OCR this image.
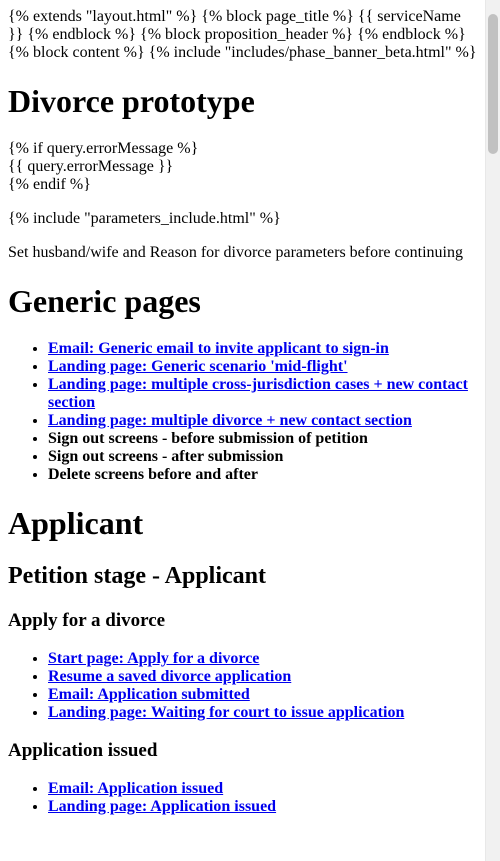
{% extends "layout.html" %} {% block page_title %} {{ serviceName }} {% endblock %} {% block proposition_header %} {% endblock %} {% block content %} {% include "includes/phase_banner_beta.html" %}

Divorce prototype
{% if query.errorMessage %}
{{ query.errorMessage }}
{% endif %}

{% include "parameters_include.html" %}

Set husband/wife and Reason for divorce parameters before continuing

Generic pages
• Email: Generic email to invite applicant to sign-in
• Landing page: Generic scenario 'mid-flight'
• Landing page: multiple cross-jurisdiction cases + new contact section
• Landing page: multiple divorce + new contact section
• Sign out screens - before submission of petition
• Sign out screens - after submission
• Delete screens before and after
Applicant
Petition stage - Applicant
Apply for a divorce
• Start page: Apply for a divorce
• Resume a saved divorce application
• Email: Application submitted
• Landing page: Waiting for court to issue application
Application issued
• Email: Application issued
• Landing page: Application issued
